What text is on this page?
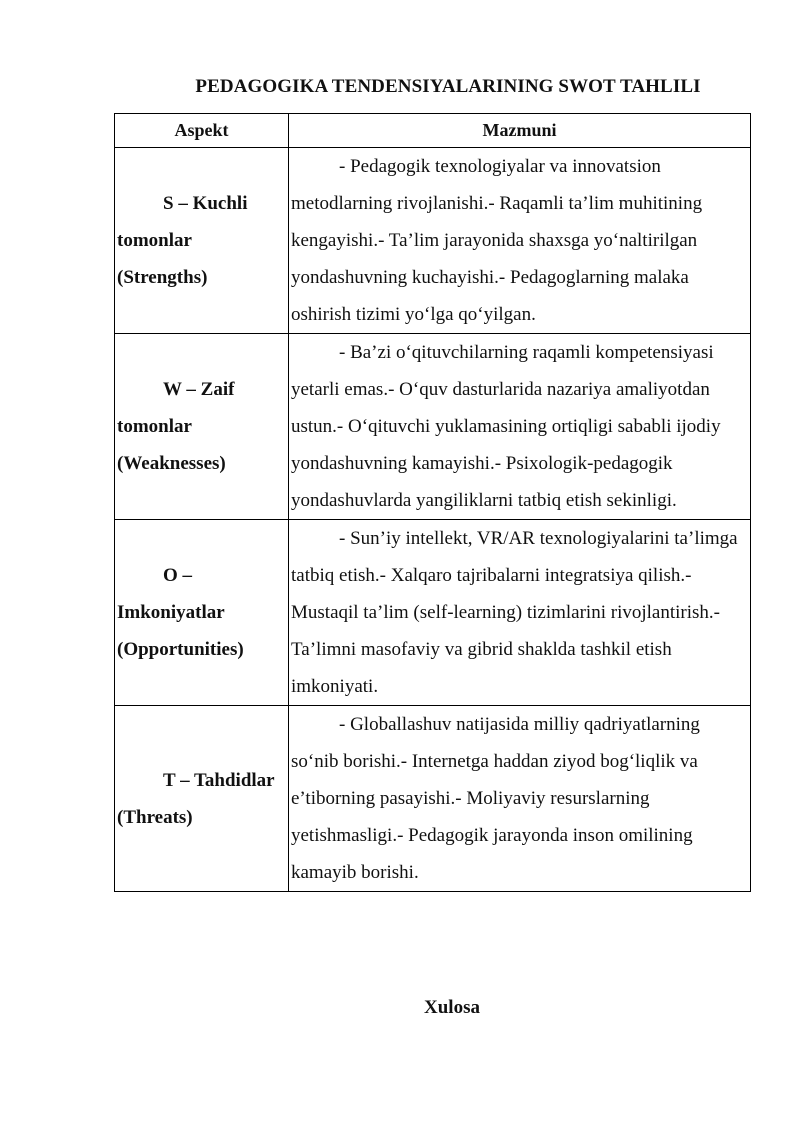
PEDAGOGIKA TENDENSIYALARINING SWOT TAHLILI
Aspekt	Mazmuni
S – Kuchli tomonlar (Strengths)	- Pedagogik texnologiyalar va innovatsion metodlarning rivojlanishi.- Raqamli ta’lim muhitining kengayishi.- Ta’lim jarayonida shaxsga yo‘naltirilgan yondashuvning kuchayishi.- Pedagoglarning malaka oshirish tizimi yo‘lga qo‘yilgan.
W – Zaif tomonlar (Weaknesses)	- Ba’zi o‘qituvchilarning raqamli kompetensiyasi yetarli emas.- O‘quv dasturlarida nazariya amaliyotdan ustun.- O‘qituvchi yuklamasining ortiqligi sababli ijodiy yondashuvning kamayishi.- Psixologik-pedagogik yondashuvlarda yangiliklarni tatbiq etish sekinligi.
O – Imkoniyatlar (Opportunities)	- Sun’iy intellekt, VR/AR texnologiyalarini ta’limga tatbiq etish.- Xalqaro tajribalarni integratsiya qilish.- Mustaqil ta’lim (self-learning) tizimlarini rivojlantirish.- Ta’limni masofaviy va gibrid shaklda tashkil etish imkoniyati.
T – Tahdidlar (Threats)	- Globallashuv natijasida milliy qadriyatlarning so‘nib borishi.- Internetga haddan ziyod bog‘liqlik va e’tiborning pasayishi.- Moliyaviy resurslarning yetishmasligi.- Pedagogik jarayonda inson omilining kamayib borishi.
Xulosa
